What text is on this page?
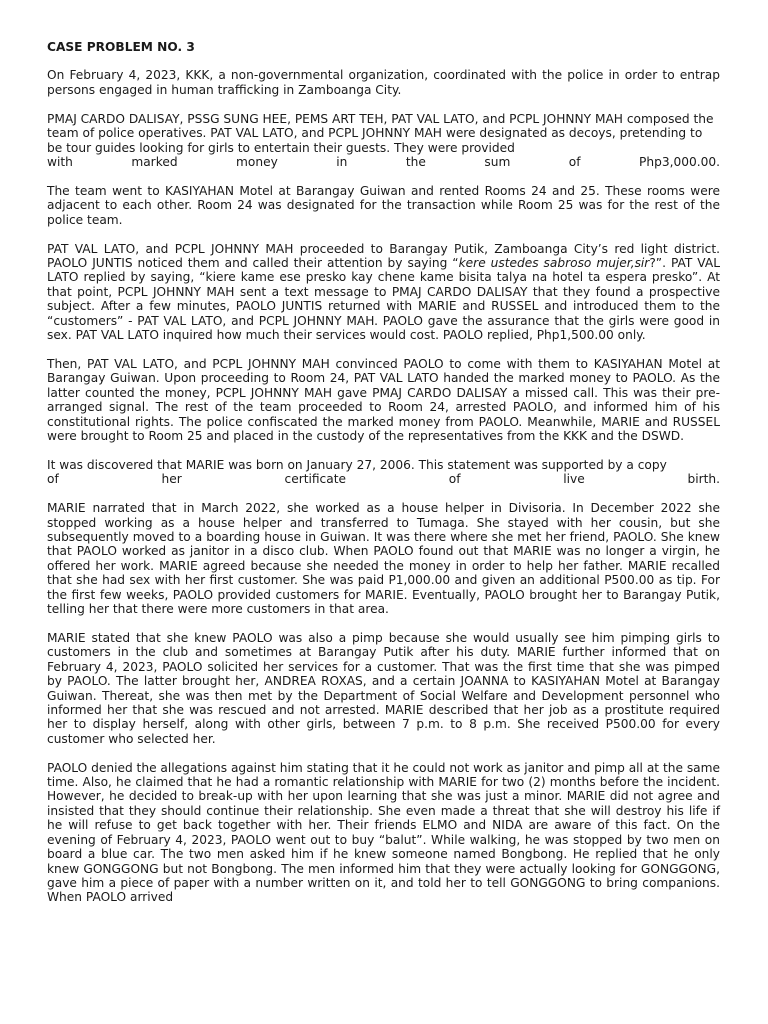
CASE PROBLEM NO. 3

On February 4, 2023, KKK, a non-governmental organization, coordinated with the police in order to entrap persons engaged in human trafficking in Zamboanga City.

PMAJ CARDO DALISAY, PSSG SUNG HEE, PEMS ART TEH, PAT VAL LATO, and PCPL JOHNNY MAH composed the team of police operatives. PAT VAL LATO, and PCPL JOHNNY MAH were designated as decoys, pretending to be tour guides looking for girls to entertain their guests. They were provided
with marked money in the sum of Php3,000.00.

The team went to KASIYAHAN Motel at Barangay Guiwan and rented Rooms 24 and 25. These rooms were adjacent to each other. Room 24 was designated for the transaction while Room 25 was for the rest of the police team.

PAT VAL LATO, and PCPL JOHNNY MAH proceeded to Barangay Putik, Zamboanga City’s red light district. PAOLO JUNTIS noticed them and called their attention by saying “kere ustedes sabroso mujer,sir?”. PAT VAL LATO replied by saying, “kiere kame ese presko kay chene kame bisita talya na hotel ta espera presko”. At that point, PCPL JOHNNY MAH sent a text message to PMAJ CARDO DALISAY that they found a prospective subject. After a few minutes, PAOLO JUNTIS returned with MARIE and RUSSEL and introduced them to the “customers” - PAT VAL LATO, and PCPL JOHNNY MAH. PAOLO gave the assurance that the girls were good in sex. PAT VAL LATO inquired how much their services would cost. PAOLO replied, Php1,500.00 only.

Then, PAT VAL LATO, and PCPL JOHNNY MAH convinced PAOLO to come with them to KASIYAHAN Motel at Barangay Guiwan. Upon proceeding to Room 24, PAT VAL LATO handed the marked money to PAOLO. As the latter counted the money, PCPL JOHNNY MAH gave PMAJ CARDO DALISAY a missed call. This was their pre-arranged signal. The rest of the team proceeded to Room 24, arrested PAOLO, and informed him of his constitutional rights. The police confiscated the marked money from PAOLO. Meanwhile, MARIE and RUSSEL were brought to Room 25 and placed in the custody of the representatives from the KKK and the DSWD.

It was discovered that MARIE was born on January 27, 2006. This statement was supported by a copy
of her certificate of live birth.

MARIE narrated that in March 2022, she worked as a house helper in Divisoria. In December 2022 she stopped working as a house helper and transferred to Tumaga. She stayed with her cousin, but she subsequently moved to a boarding house in Guiwan. It was there where she met her friend, PAOLO. She knew that PAOLO worked as janitor in a disco club. When PAOLO found out that MARIE was no longer a virgin, he offered her work. MARIE agreed because she needed the money in order to help her father. MARIE recalled that she had sex with her first customer. She was paid P1,000.00 and given an additional P500.00 as tip. For the first few weeks, PAOLO provided customers for MARIE. Eventually, PAOLO brought her to Barangay Putik, telling her that there were more customers in that area.

MARIE stated that she knew PAOLO was also a pimp because she would usually see him pimping girls to customers in the club and sometimes at Barangay Putik after his duty. MARIE further informed that on February 4, 2023, PAOLO solicited her services for a customer. That was the first time that she was pimped by PAOLO. The latter brought her, ANDREA ROXAS, and a certain JOANNA to KASIYAHAN Motel at Barangay Guiwan. Thereat, she was then met by the Department of Social Welfare and Development personnel who informed her that she was rescued and not arrested. MARIE described that her job as a prostitute required her to display herself, along with other girls, between 7 p.m. to 8 p.m. She received P500.00 for every customer who selected her.

PAOLO denied the allegations against him stating that it he could not work as janitor and pimp all at the same time. Also, he claimed that he had a romantic relationship with MARIE for two (2) months before the incident. However, he decided to break-up with her upon learning that she was just a minor. MARIE did not agree and insisted that they should continue their relationship. She even made a threat that she will destroy his life if he will refuse to get back together with her. Their friends ELMO and NIDA are aware of this fact. On the evening of February 4, 2023, PAOLO went out to buy “balut”. While walking, he was stopped by two men on board a blue car. The two men asked him if he knew someone named Bongbong. He replied that he only knew GONGGONG but not Bongbong. The men informed him that they were actually looking for GONGGONG, gave him a piece of paper with a number written on it, and told her to tell GONGGONG to bring companions. When PAOLO arrived
